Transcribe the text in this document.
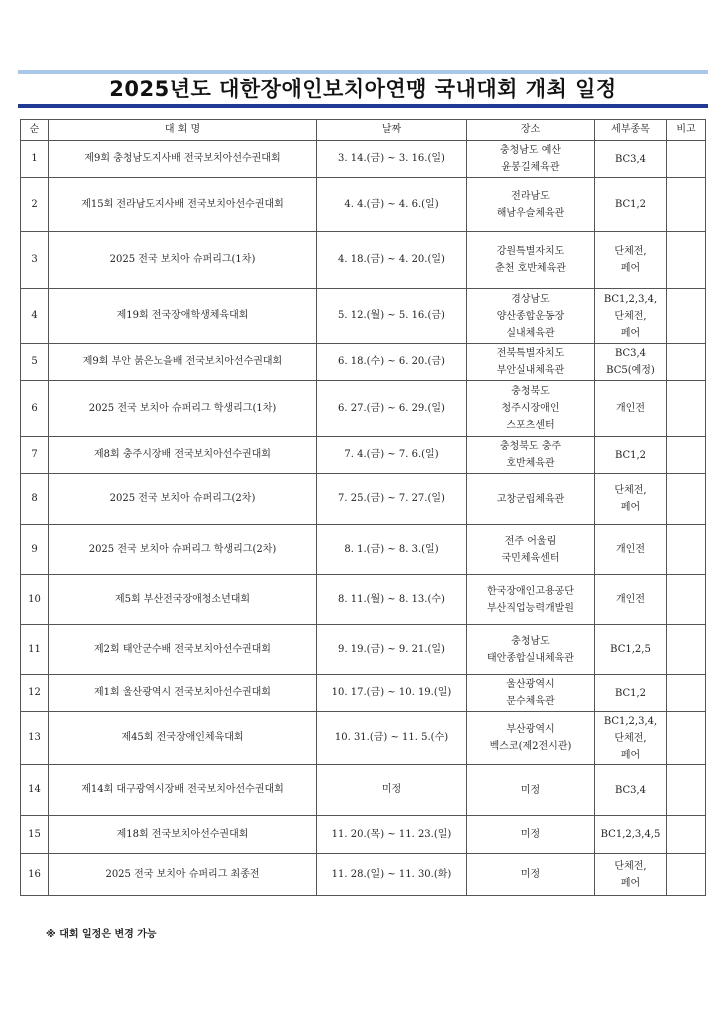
2025년도 대한장애인보치아연맹 국내대회 개최 일정
순	대 회 명	날짜	장소	세부종목	비고
1	제9회 충청남도지사배 전국보치아선수권대회	3. 14.(금) ~ 3. 16.(일)	충청남도 예산
윤봉길체육관	BC3,4	

2	제15회 전라남도지사배 전국보치아선수권대회	4. 4.(금) ~ 4. 6.(일)	전라남도
해남우슬체육관	BC1,2	

3	2025 전국 보치아 슈퍼리그(1차)	4. 18.(금) ~ 4. 20.(일)	강원특별자치도
춘천 호반체육관	단체전,
페어	

4	제19회 전국장애학생체육대회	5. 12.(월) ~ 5. 16.(금)	경상남도
양산종합운동장
실내체육관	BC1,2,3,4,
단체전,
페어	

5	제9회 부안 붉은노을배 전국보치아선수권대회	6. 18.(수) ~ 6. 20.(금)	전북특별자치도
부안실내체육관	BC3,4
BC5(예정)	

6	2025 전국 보치아 슈퍼리그 학생리그(1차)	6. 27.(금) ~ 6. 29.(일)	충청북도
청주시장애인
스포츠센터	개인전	

7	제8회 충주시장배 전국보치아선수권대회	7. 4.(금) ~ 7. 6.(일)	충청북도 충주
호반체육관	BC1,2	

8	2025 전국 보치아 슈퍼리그(2차)	7. 25.(금) ~ 7. 27.(일)	고창군립체육관	단체전,
페어	

9	2025 전국 보치아 슈퍼리그 학생리그(2차)	8. 1.(금) ~ 8. 3.(일)	전주 어울림
국민체육센터	개인전	

10	제5회 부산전국장애청소년대회	8. 11.(월) ~ 8. 13.(수)	한국장애인고용공단
부산직업능력개발원	개인전	

11	제2회 태안군수배 전국보치아선수권대회	9. 19.(금) ~ 9. 21.(일)	충청남도
태안종합실내체육관	BC1,2,5	

12	제1회 울산광역시 전국보치아선수권대회	10. 17.(금) ~ 10. 19.(일)	울산광역시
문수체육관	BC1,2	

13	제45회 전국장애인체육대회	10. 31.(금) ~ 11. 5.(수)	부산광역시
벡스코(제2전시관)	BC1,2,3,4,
단체전,
페어	

14	제14회 대구광역시장배 전국보치아선수권대회	미정	미정	BC3,4	

15	제18회 전국보치아선수권대회	11. 20.(목) ~ 11. 23.(일)	미정	BC1,2,3,4,5	

16	2025 전국 보치아 슈퍼리그 최종전	11. 28.(일) ~ 11. 30.(화)	미정	단체전,
페어	

※ 대회 일정은 변경 가능
